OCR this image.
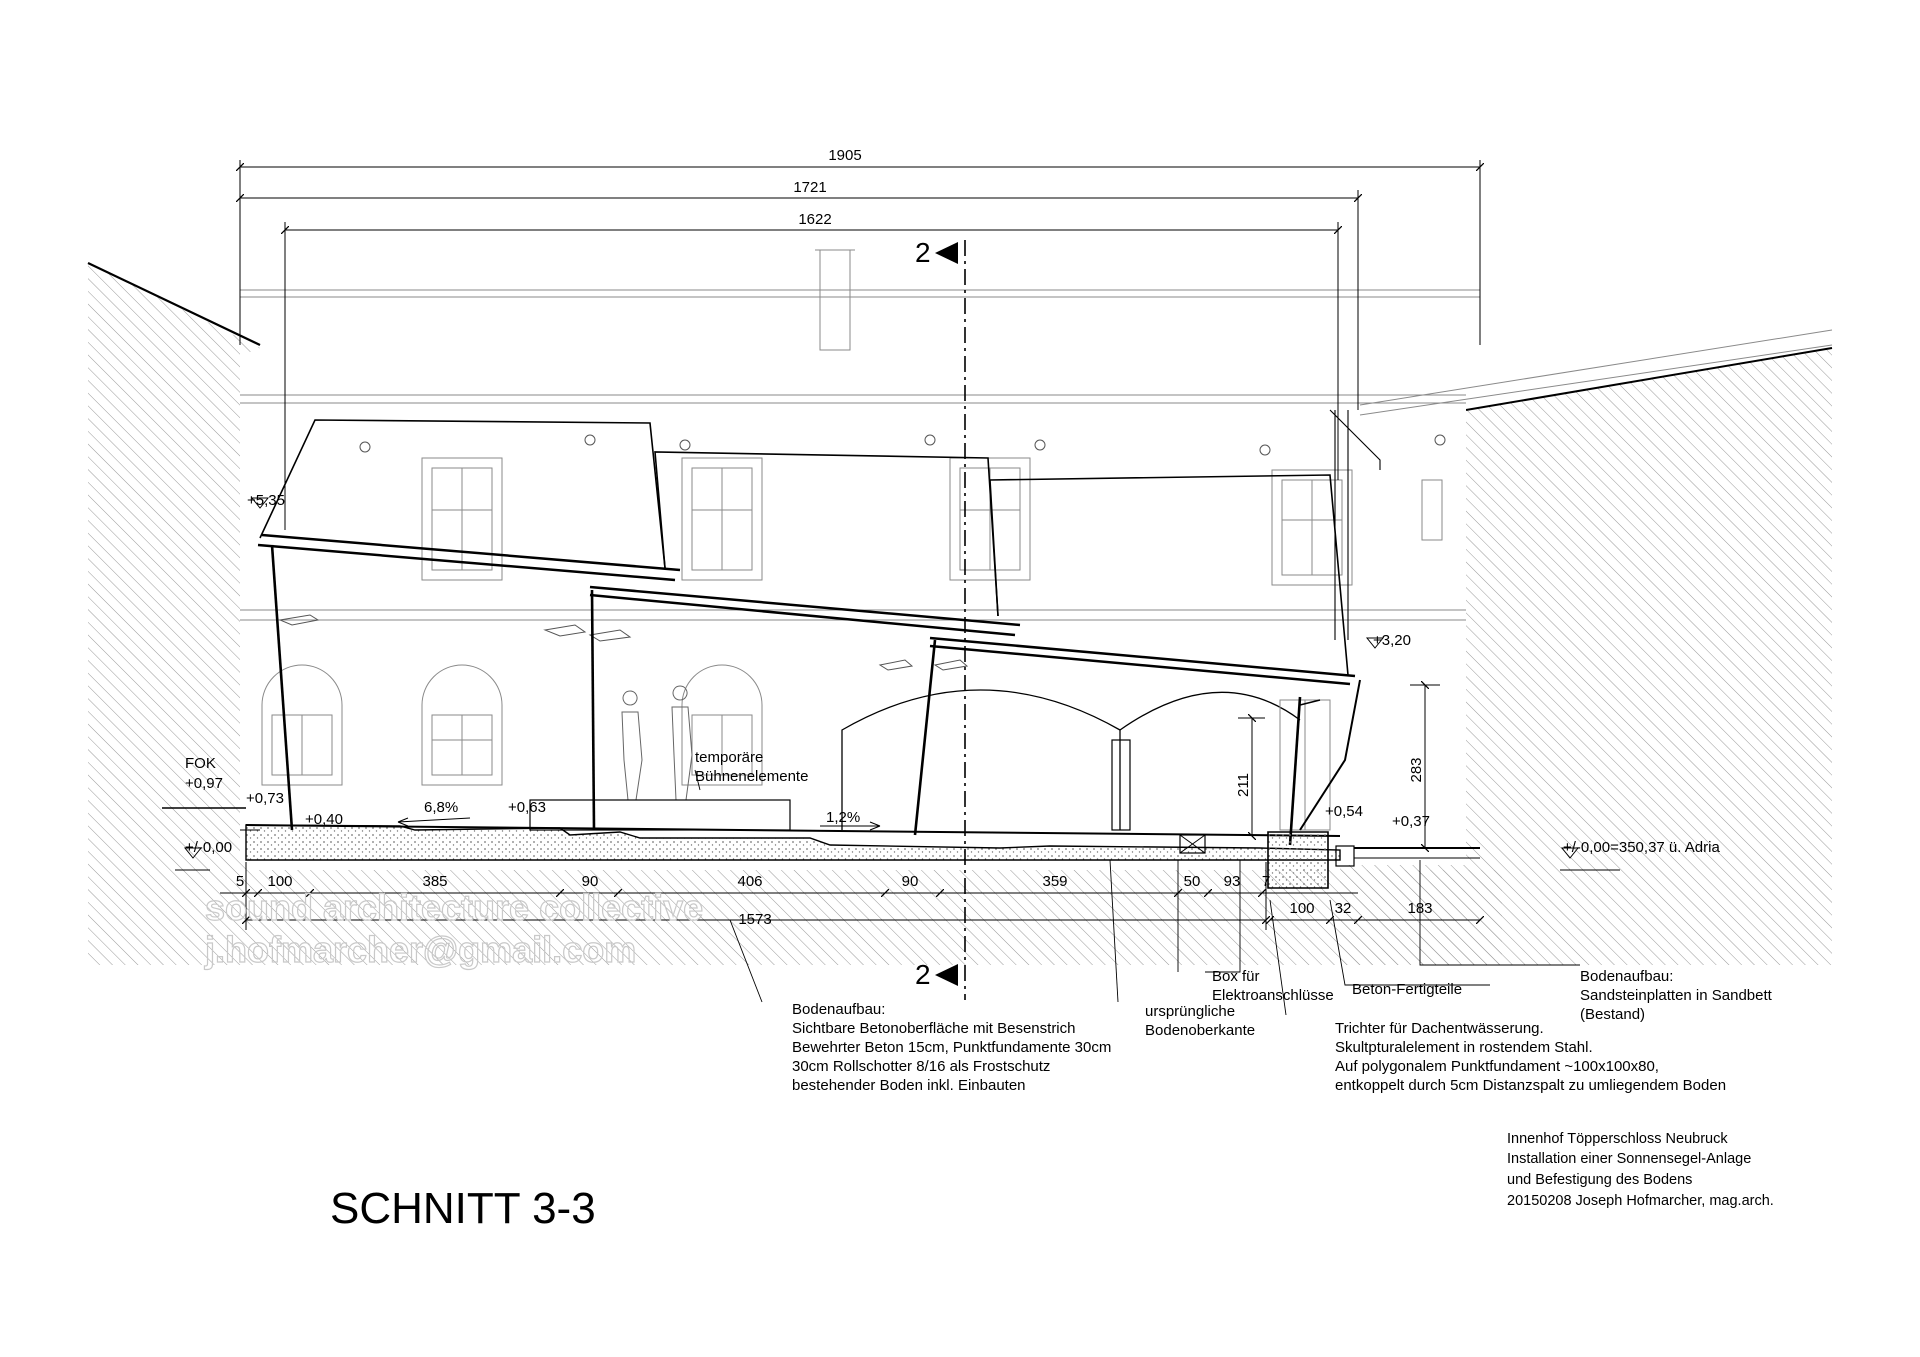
1905
1721
1622
2
2
+5,35
+3,20
FOK
+0,97
+0,73
+0,40
+0,63	+0,54
+0,37
+/-0,00	+/-0,00=350,37 ü. Adria
6,8%
1,2%
211
283
5 100	385	90	406	90	359	50 93 7
100 32	183
1573
sound architecture collective
j.hofmarcher@gmail.com
temporäre
Bühnenelemente
Bodenaufbau:
Sichtbare Betonoberfläche mit Besenstrich
Bewehrter Beton 15cm, Punktfundamente 30cm
30cm Rollschotter 8/16 als Frostschutz
bestehender Boden inkl. Einbauten
ursprüngliche
Bodenoberkante
Box für
Elektroanschlüsse Beton-Fertigteile
Bodenaufbau:
Sandsteinplatten in Sandbett
(Bestand)
Trichter für Dachentwässerung.
Skultpturalelement in rostendem Stahl.
Auf polygonalem Punktfundament ~100x100x80,
entkoppelt durch 5cm Distanzspalt zu umliegendem Boden
SCHNITT 3-3
Innenhof Töpperschloss Neubruck
Installation einer Sonnensegel-Anlage
und Befestigung des Bodens
20150208 Joseph Hofmarcher, mag.arch.
